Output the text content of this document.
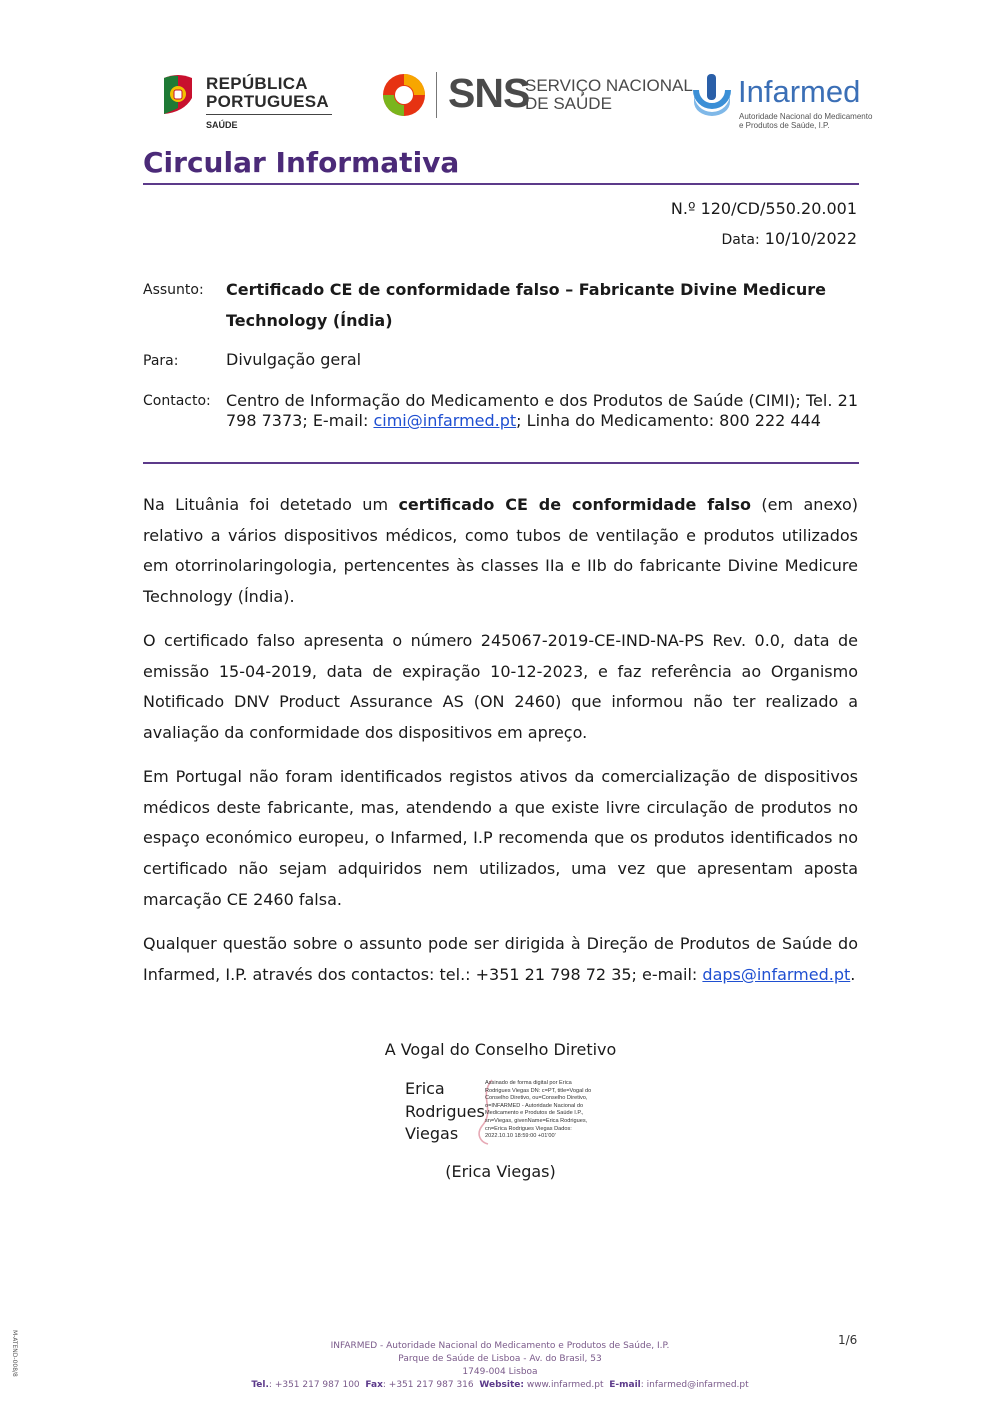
REPÚBLICA
PORTUGUESA
SAÚDE
SNS
SERVIÇO NACIONAL
DE SAÚDE	Infarmed
Autoridade Nacional do Medicamento
e Produtos de Saúde, I.P.
Circular Informativa
N.º 120/CD/550.20.001
Data: 10/10/2022
Assunto: Certificado CE de conformidade falso – Fabricante Divine Medicure Technology (Índia)
Para:	Divulgação geral
Contacto: Centro de Informação do Medicamento e dos Produtos de Saúde (CIMI); Tel. 21 798 7373; E-mail: cimi@infarmed.pt; Linha do Medicamento: 800 222 444
Na Lituânia foi detetado um certificado CE de conformidade falso (em anexo) relativo a vários dispositivos médicos, como tubos de ventilação e produtos utilizados em otorrinolaringologia, pertencentes às classes IIa e IIb do fabricante Divine Medicure Technology (Índia).
O certificado falso apresenta o número 245067-2019-CE-IND-NA-PS Rev. 0.0, data de emissão 15-04-2019, data de expiração 10-12-2023, e faz referência ao Organismo Notificado DNV Product Assurance AS (ON 2460) que informou não ter realizado a avaliação da conformidade dos dispositivos em apreço.
Em Portugal não foram identificados registos ativos da comercialização de dispositivos médicos deste fabricante, mas, atendendo a que existe livre circulação de produtos no espaço económico europeu, o Infarmed, I.P recomenda que os produtos identificados no certificado não sejam adquiridos nem utilizados, uma vez que apresentam aposta marcação CE 2460 falsa.
Qualquer questão sobre o assunto pode ser dirigida à Direção de Produtos de Saúde do Infarmed, I.P. através dos contactos: tel.: +351 21 798 72 35; e-mail: daps@infarmed.pt.
A Vogal do Conselho Diretivo
Erica
Rodrigues
Viegas
Assinado de forma digital por Erica Rodrigues Viegas DN: c=PT, title=Vogal do Conselho Diretivo, ou=Conselho Diretivo, o=INFARMED - Autoridade Nacional do Medicamento e Produtos de Saúde I.P., sn=Viegas, givenName=Erica Rodrigues, cn=Erica Rodrigues Viegas Dados: 2022.10.10 18:59:00 +01'00'
(Erica Viegas)
M-ATEND-008/8	1/6
INFARMED - Autoridade Nacional do Medicamento e Produtos de Saúde, I.P.
Parque de Saúde de Lisboa - Av. do Brasil, 53
1749-004 Lisboa
Tel.: +351 217 987 100 Fax: +351 217 987 316 Website: www.infarmed.pt E-mail: infarmed@infarmed.pt
